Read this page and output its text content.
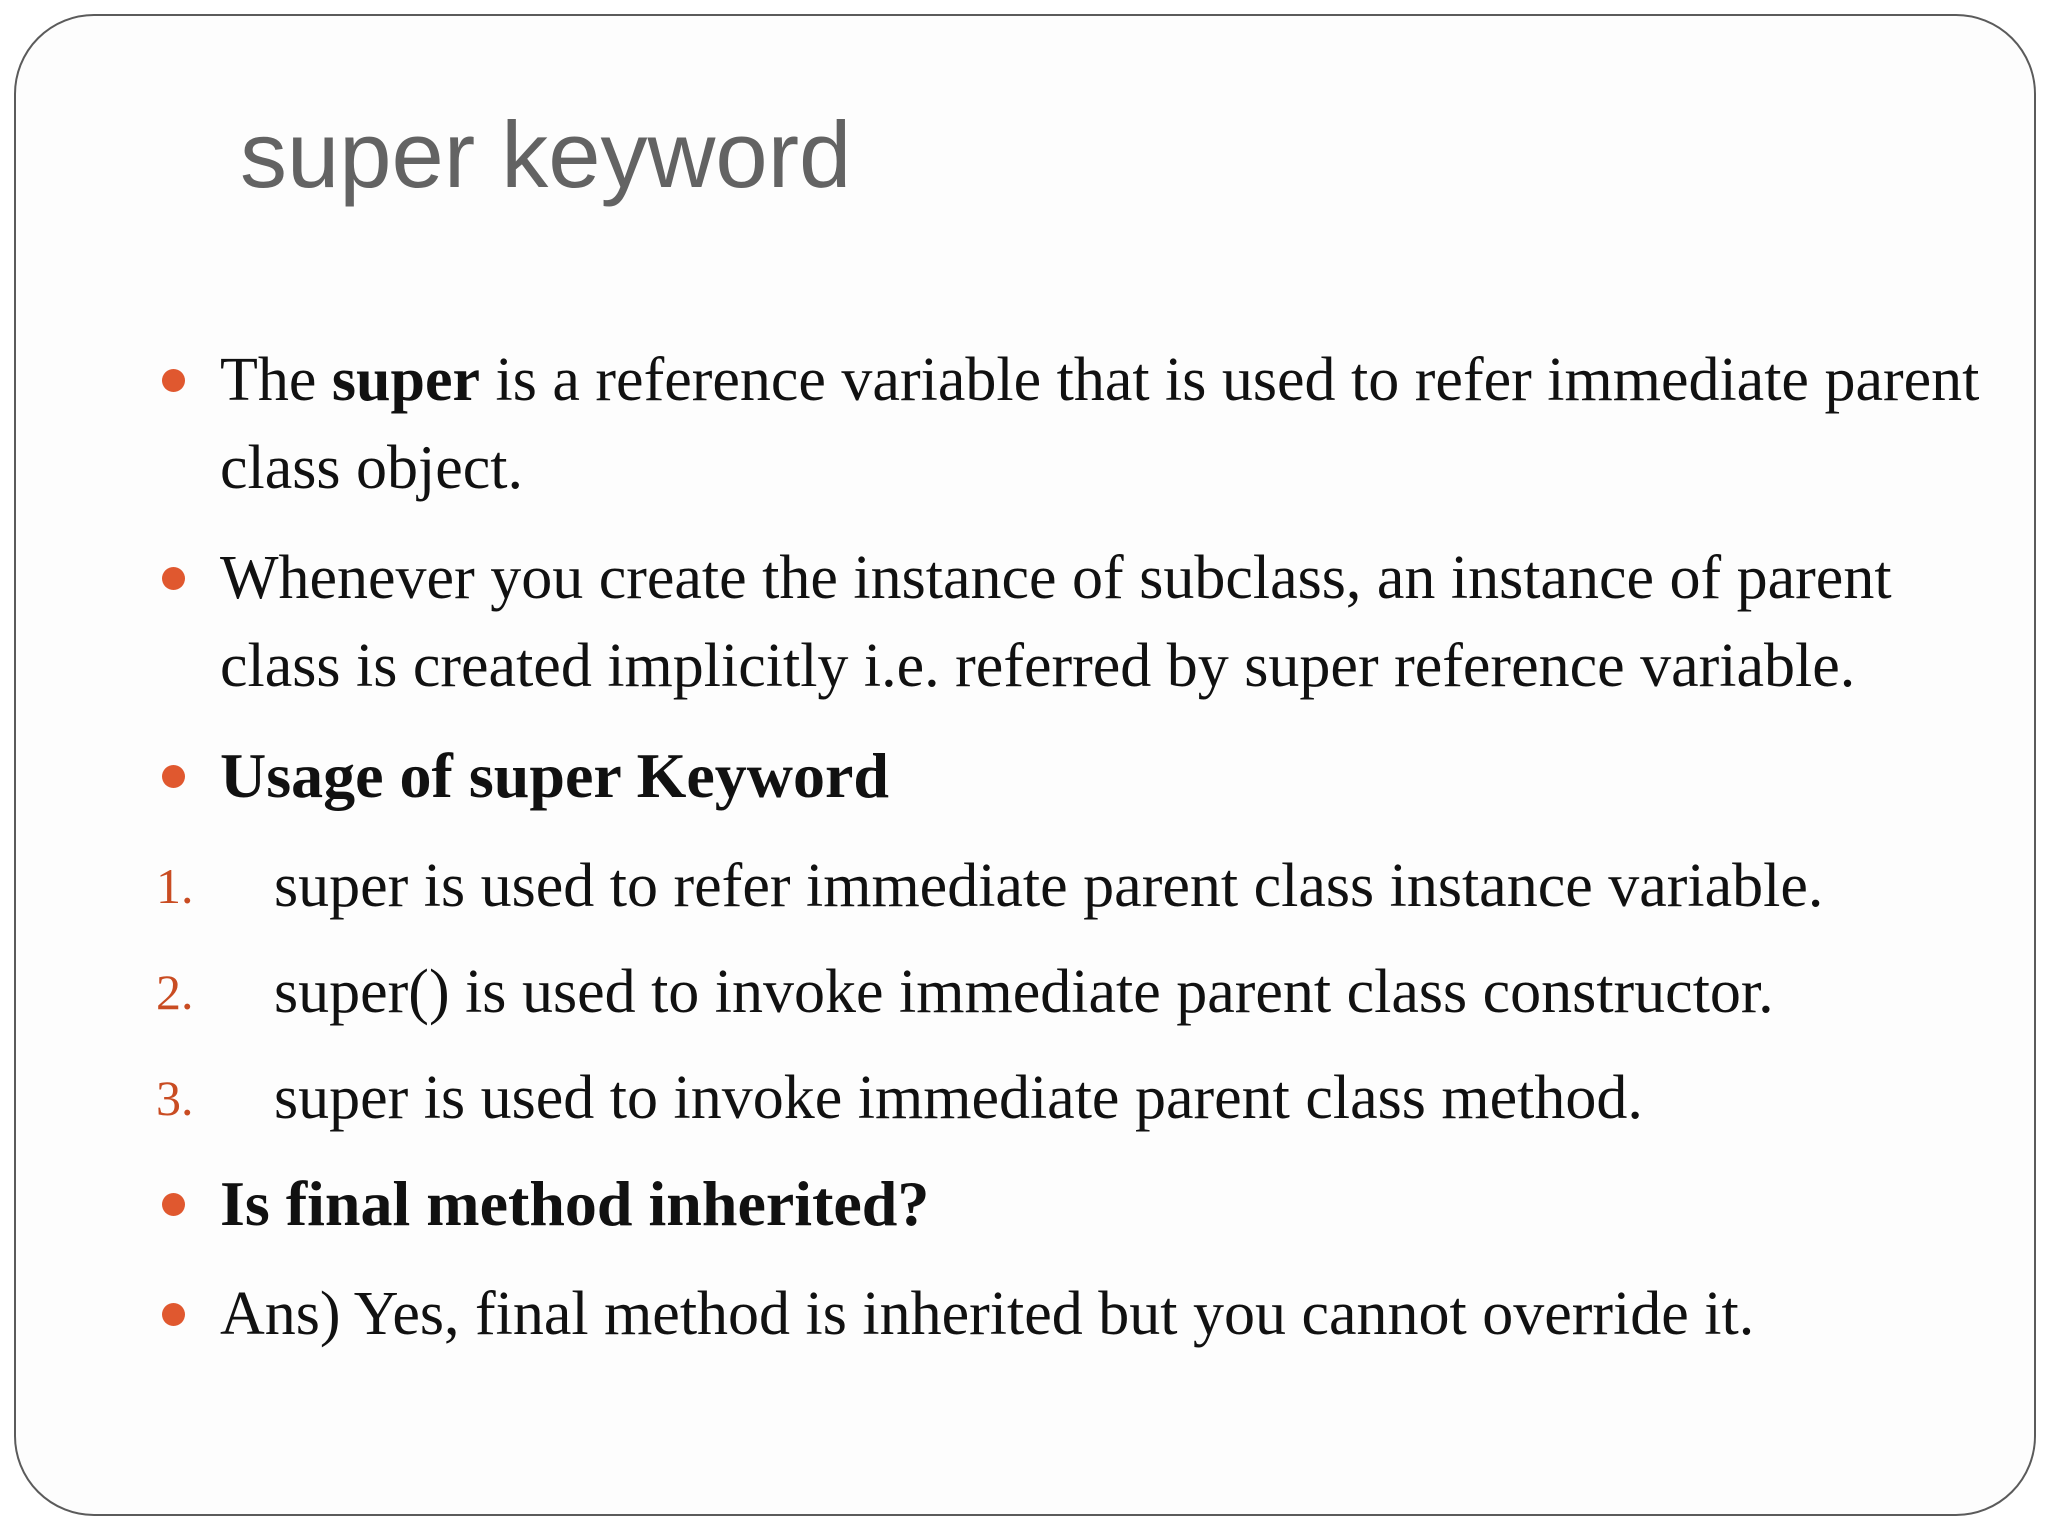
super keyword
The super is a reference variable that is used to refer immediate parent class object.
Whenever you create the instance of subclass, an instance of parent class is created implicitly i.e. referred by super reference variable.
Usage of super Keyword
1. super is used to refer immediate parent class instance variable.
2. super() is used to invoke immediate parent class constructor.
3. super is used to invoke immediate parent class method.
Is final method inherited?
Ans) Yes, final method is inherited but you cannot override it.
